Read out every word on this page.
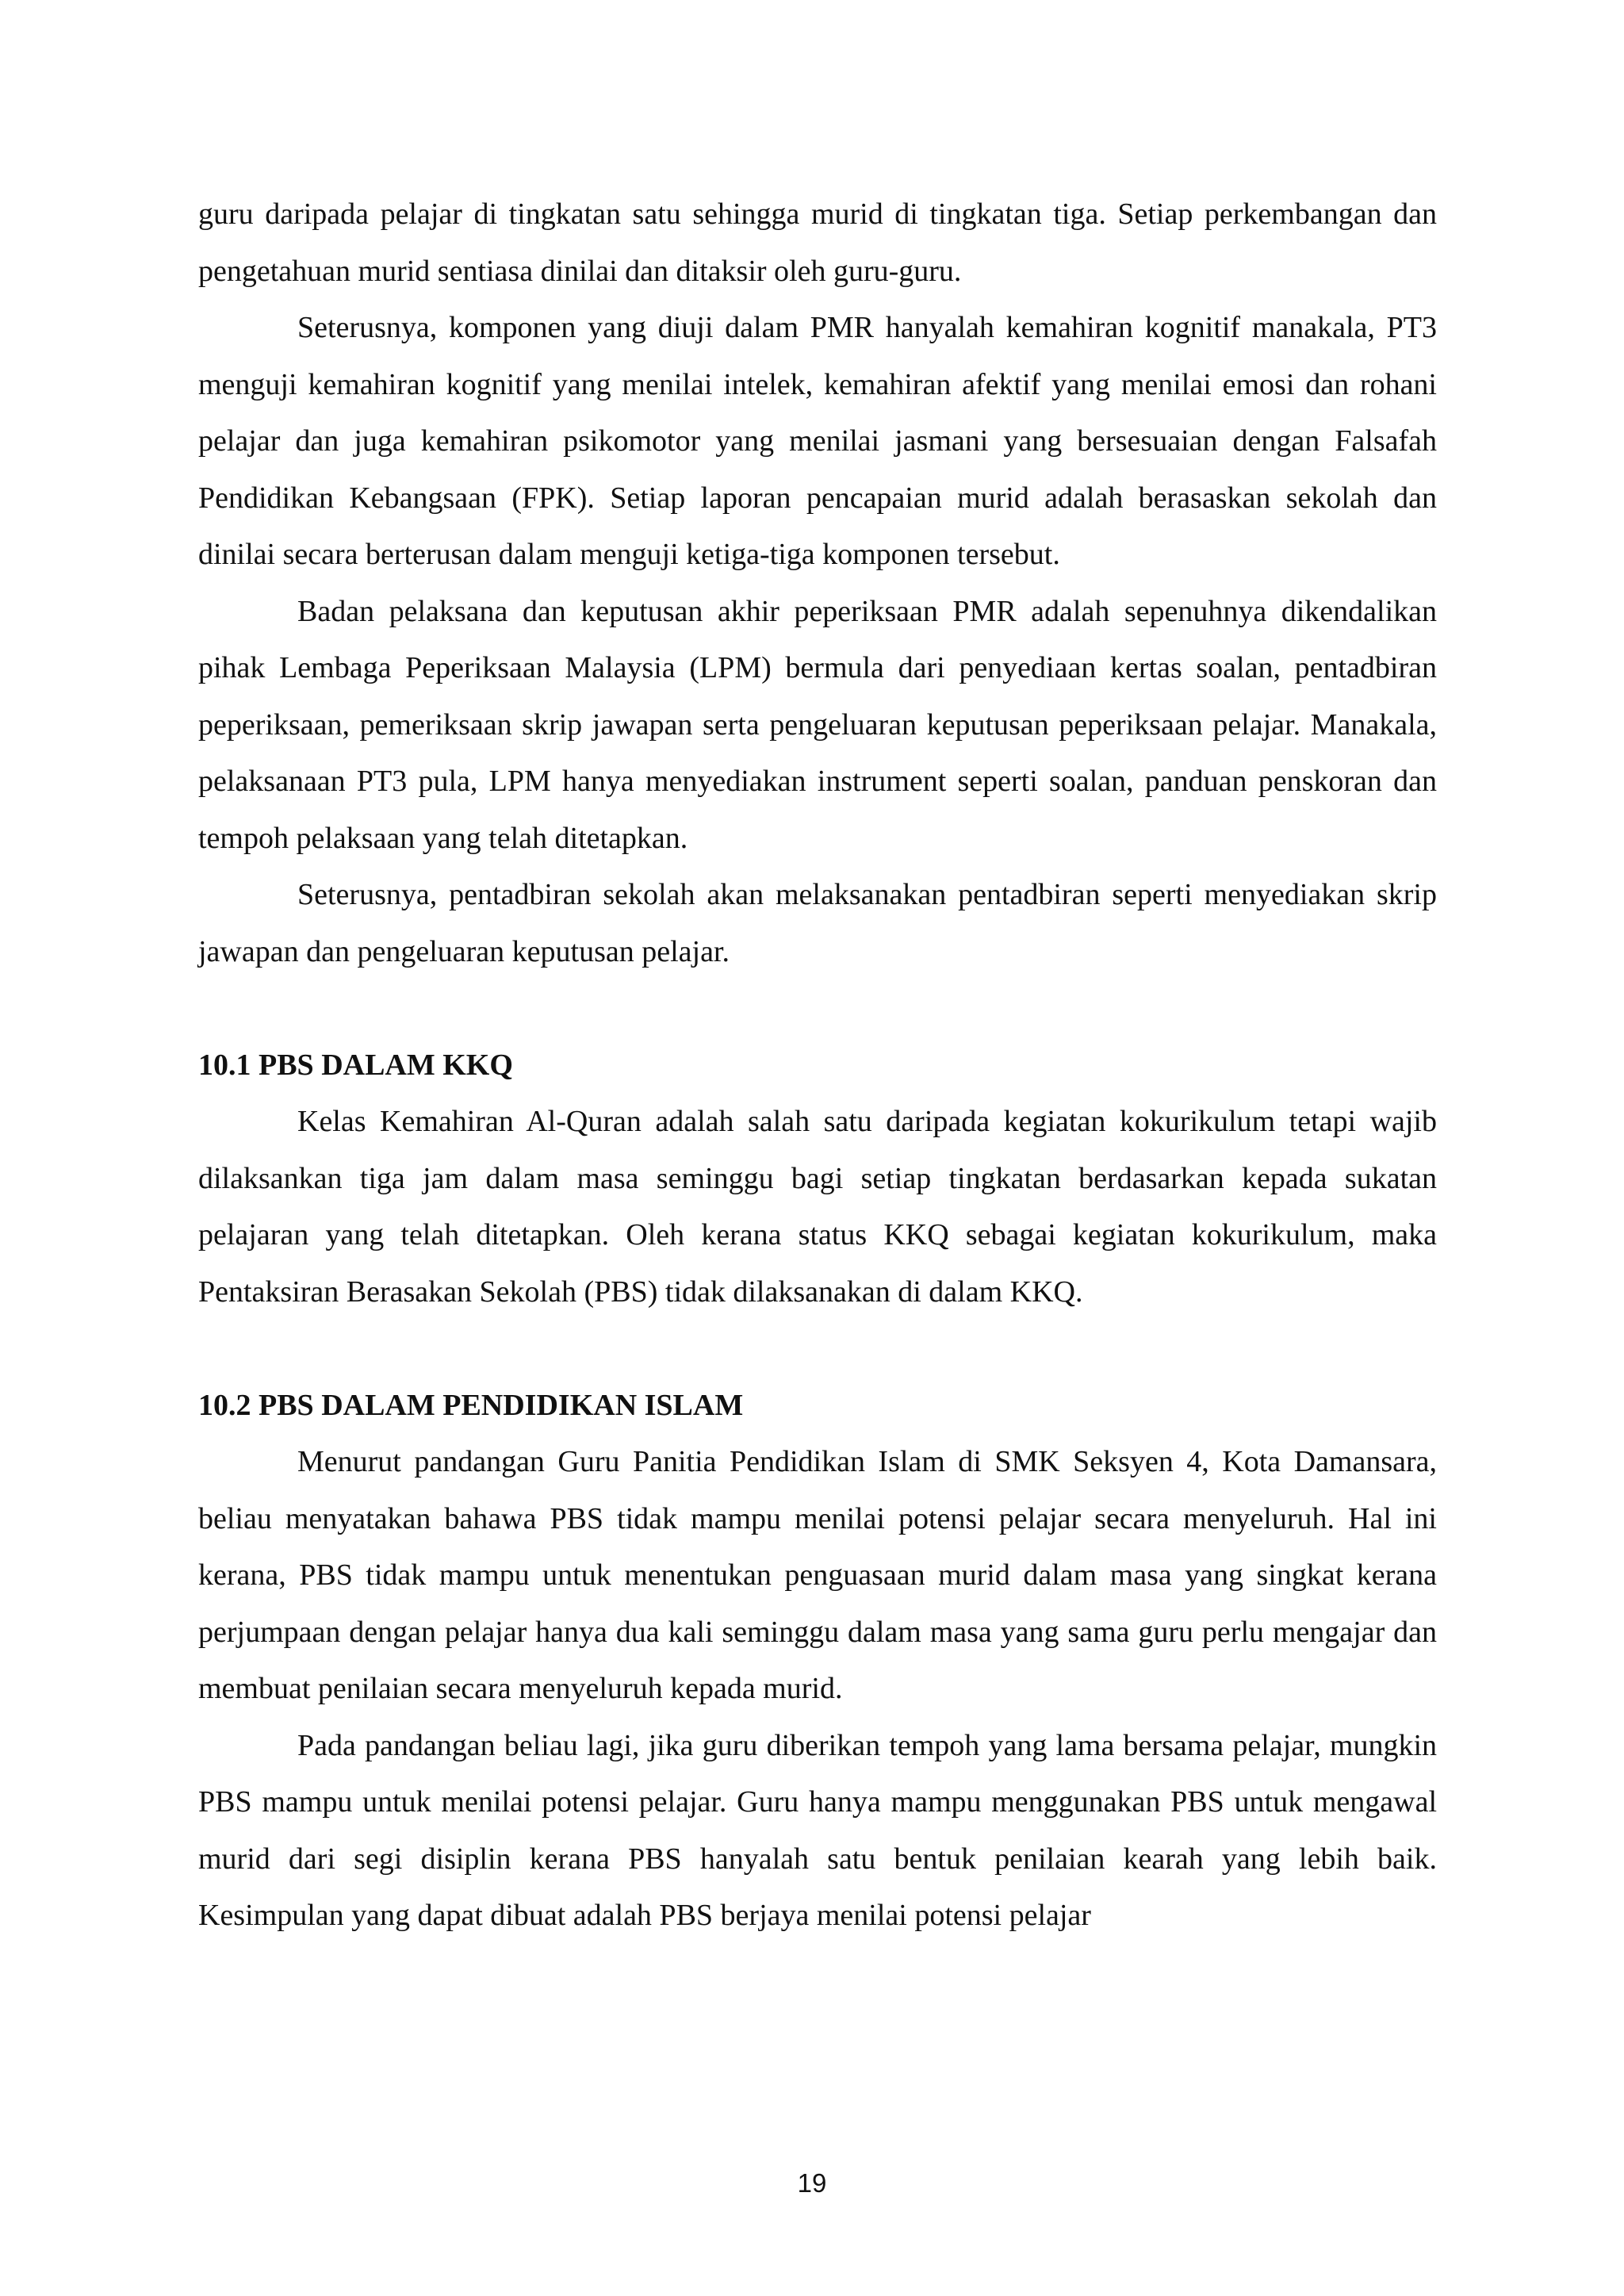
guru daripada pelajar di tingkatan satu sehingga murid di tingkatan tiga. Setiap perkembangan dan pengetahuan murid sentiasa dinilai dan ditaksir oleh guru-guru.

Seterusnya, komponen yang diuji dalam PMR hanyalah kemahiran kognitif manakala, PT3 menguji kemahiran kognitif yang menilai intelek, kemahiran afektif yang menilai emosi dan rohani pelajar dan juga kemahiran psikomotor yang menilai jasmani yang bersesuaian dengan Falsafah Pendidikan Kebangsaan (FPK). Setiap laporan pencapaian murid adalah berasaskan sekolah dan dinilai secara berterusan dalam menguji ketiga-tiga komponen tersebut.

Badan pelaksana dan keputusan akhir peperiksaan PMR adalah sepenuhnya dikendalikan pihak Lembaga Peperiksaan Malaysia (LPM) bermula dari penyediaan kertas soalan, pentadbiran peperiksaan, pemeriksaan skrip jawapan serta pengeluaran keputusan peperiksaan pelajar. Manakala, pelaksanaan PT3 pula, LPM hanya menyediakan instrument seperti soalan, panduan penskoran dan tempoh pelaksaan yang telah ditetapkan.

Seterusnya, pentadbiran sekolah akan melaksanakan pentadbiran seperti menyediakan skrip jawapan dan pengeluaran keputusan pelajar.

10.1 PBS DALAM KKQ

Kelas Kemahiran Al-Quran adalah salah satu daripada kegiatan kokurikulum tetapi wajib dilaksankan tiga jam dalam masa seminggu bagi setiap tingkatan berdasarkan kepada sukatan pelajaran yang telah ditetapkan. Oleh kerana status KKQ sebagai kegiatan kokurikulum, maka Pentaksiran Berasakan Sekolah (PBS) tidak dilaksanakan di dalam KKQ.

10.2 PBS DALAM PENDIDIKAN ISLAM

Menurut pandangan Guru Panitia Pendidikan Islam di SMK Seksyen 4, Kota Damansara, beliau menyatakan bahawa PBS tidak mampu menilai potensi pelajar secara menyeluruh. Hal ini kerana, PBS tidak mampu untuk menentukan penguasaan murid dalam masa yang singkat kerana perjumpaan dengan pelajar hanya dua kali seminggu dalam masa yang sama guru perlu mengajar dan membuat penilaian secara menyeluruh kepada murid.

Pada pandangan beliau lagi, jika guru diberikan tempoh yang lama bersama pelajar, mungkin PBS mampu untuk menilai potensi pelajar. Guru hanya mampu menggunakan PBS untuk mengawal murid dari segi disiplin kerana PBS hanyalah satu bentuk penilaian kearah yang lebih baik. Kesimpulan yang dapat dibuat adalah PBS berjaya menilai potensi pelajar

19
